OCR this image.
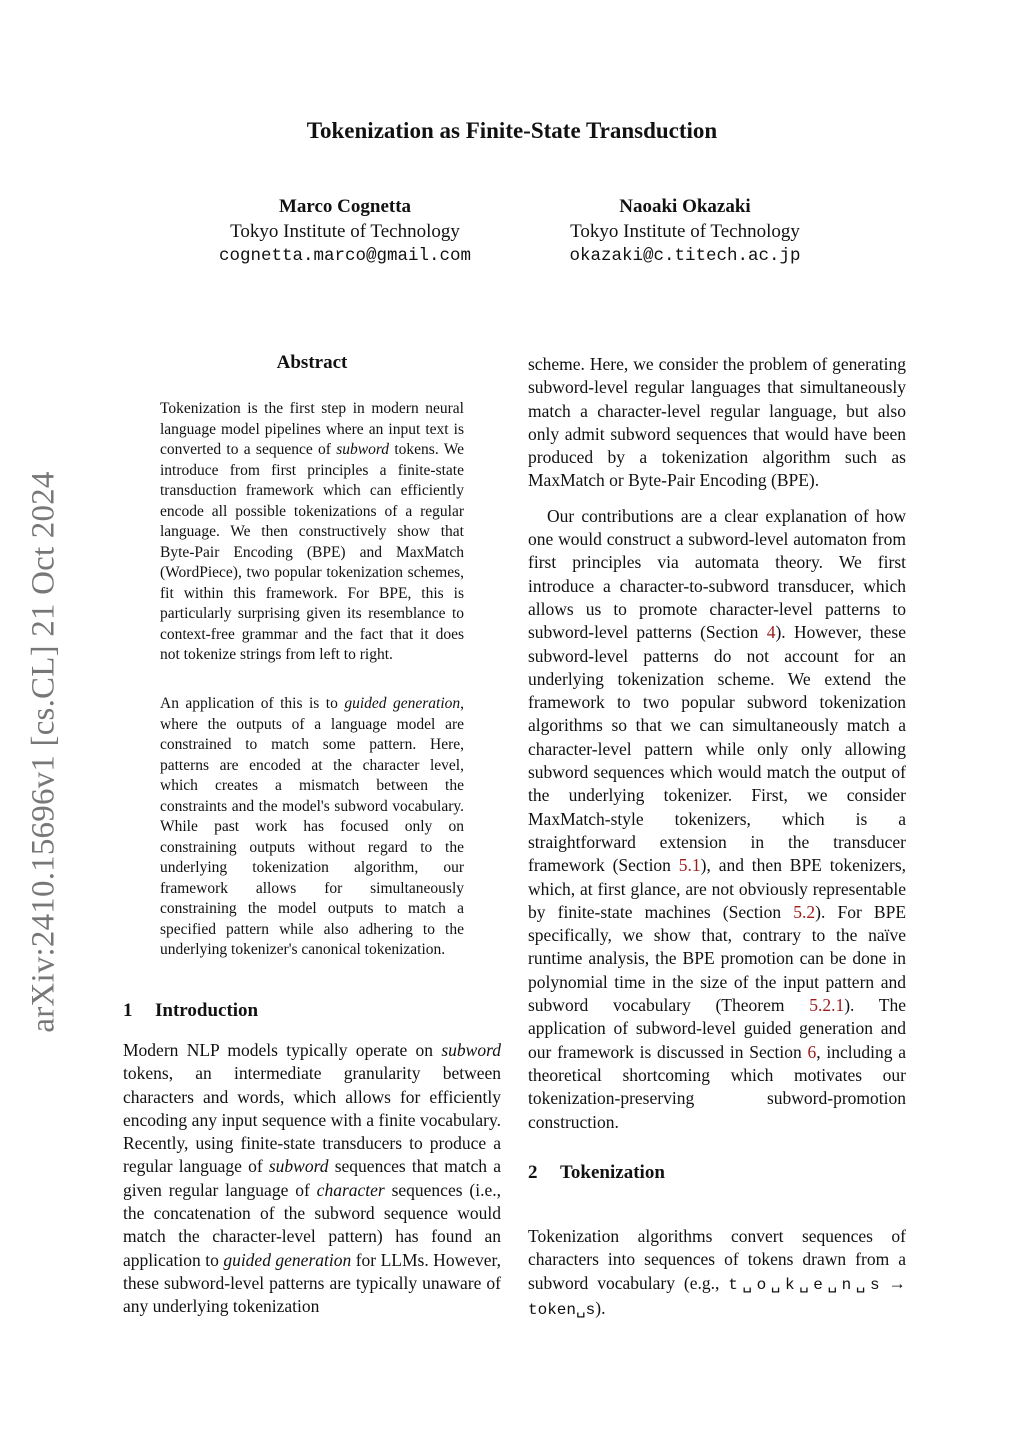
Tokenization as Finite-State Transduction
Marco Cognetta
Tokyo Institute of Technology
cognetta.marco@gmail.com
Naoaki Okazaki
Tokyo Institute of Technology
okazaki@c.titech.ac.jp
arXiv:2410.15696v1 [cs.CL] 21 Oct 2024
Abstract

Tokenization is the first step in modern neural language model pipelines where an input text is converted to a sequence of subword tokens. We introduce from first principles a finite-state transduction framework which can efficiently encode all possible tokenizations of a regular language. We then constructively show that Byte-Pair Encoding (BPE) and MaxMatch (WordPiece), two popular tokenization schemes, fit within this framework. For BPE, this is particularly surprising given its resemblance to context-free grammar and the fact that it does not tokenize strings from left to right.

An application of this is to guided generation, where the outputs of a language model are constrained to match some pattern. Here, patterns are encoded at the character level, which creates a mismatch between the constraints and the model's subword vocabulary. While past work has focused only on constraining outputs without regard to the underlying tokenization algorithm, our framework allows for simultaneously constraining the model outputs to match a specified pattern while also adhering to the underlying tokenizer's canonical tokenization.

1 Introduction

Modern NLP models typically operate on subword tokens, an intermediate granularity between characters and words, which allows for efficiently encoding any input sequence with a finite vocabulary. Recently, using finite-state transducers to produce a regular language of subword sequences that match a given regular language of character sequences (i.e., the concatenation of the subword sequence would match the character-level pattern) has found an application to guided generation for LLMs. However, these subword-level patterns are typically unaware of any underlying tokenization

scheme. Here, we consider the problem of generating subword-level regular languages that simultaneously match a character-level regular language, but also only admit subword sequences that would have been produced by a tokenization algorithm such as MaxMatch or Byte-Pair Encoding (BPE).

Our contributions are a clear explanation of how one would construct a subword-level automaton from first principles via automata theory. We first introduce a character-to-subword transducer, which allows us to promote character-level patterns to subword-level patterns (Section 4). However, these subword-level patterns do not account for an underlying tokenization scheme. We extend the framework to two popular subword tokenization algorithms so that we can simultaneously match a character-level pattern while only only allowing subword sequences which would match the output of the underlying tokenizer. First, we consider MaxMatch-style tokenizers, which is a straightforward extension in the transducer framework (Section 5.1), and then BPE tokenizers, which, at first glance, are not obviously representable by finite-state machines (Section 5.2). For BPE specifically, we show that, contrary to the naïve runtime analysis, the BPE promotion can be done in polynomial time in the size of the input pattern and subword vocabulary (Theorem 5.2.1). The application of subword-level guided generation and our framework is discussed in Section 6, including a theoretical shortcoming which motivates our tokenization-preserving subword-promotion construction.

2 Tokenization

Tokenization algorithms convert sequences of characters into sequences of tokens drawn from a subword vocabulary (e.g., t␣o␣k␣e␣n␣s → token␣s).
